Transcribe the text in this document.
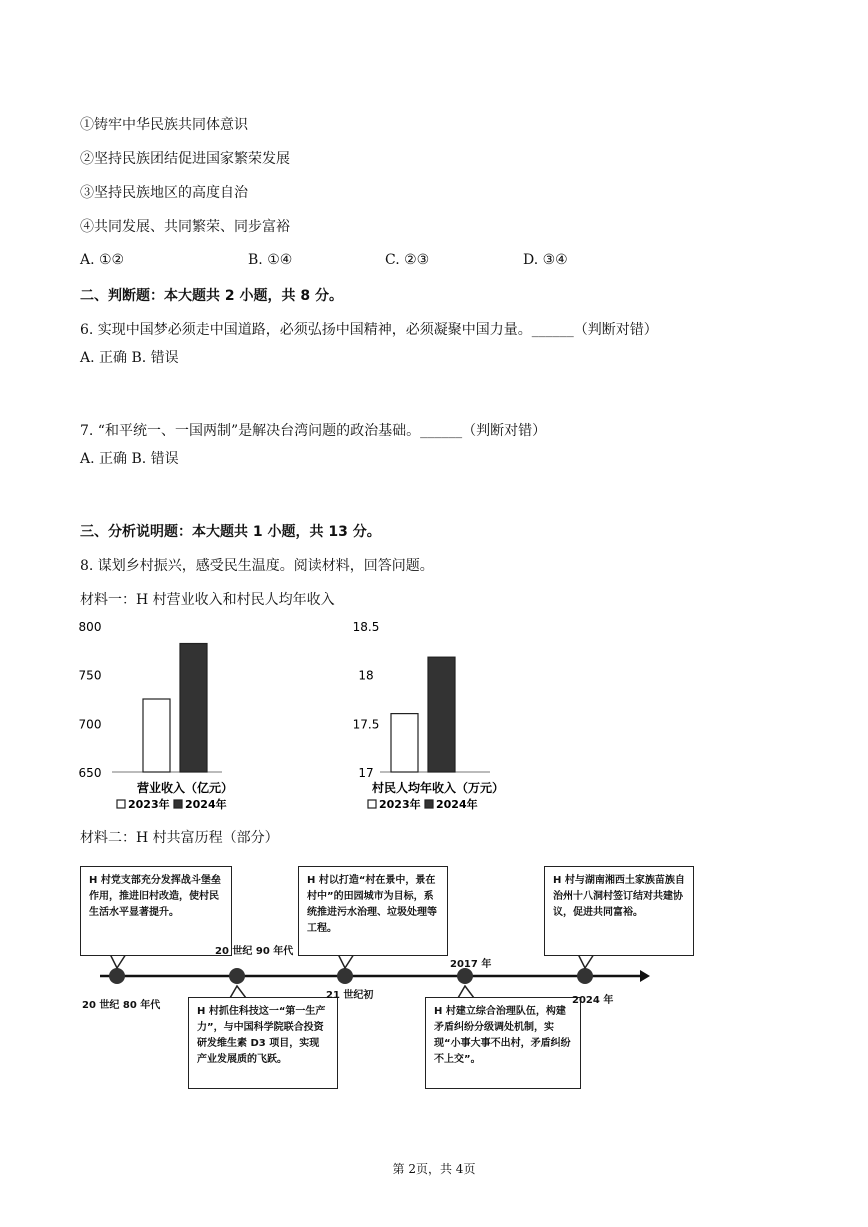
①铸牢中华民族共同体意识
②坚持民族团结促进国家繁荣发展
③坚持民族地区的高度自治
④共同发展、共同繁荣、同步富裕
A. ①②	B. ①④	C. ②③	D. ③④
二、判断题：本大题共 2 小题，共 8 分。
6. 实现中国梦必须走中国道路，必须弘扬中国精神，必须凝聚中国力量。______（判断对错）
A. 正确 B. 错误
7. “和平统一、一国两制”是解决台湾问题的政治基础。______（判断对错）
A. 正确 B. 错误
三、分析说明题：本大题共 1 小题，共 13 分。
8. 谋划乡村振兴，感受民生温度。阅读材料，回答问题。
材料一：H 村营业收入和村民人均年收入
800
750
700
650
营业收入（亿元）
2023年 2024年
18.5
18
17.5
17
村民人均年收入（万元）
2023年 2024年
材料二：H 村共富历程（部分）
H 村党支部充分发挥战斗堡垒作用，推进旧村改造，使村民生活水平显著提升。
H 村以打造“村在景中，景在村中”的田园城市为目标，系统推进污水治理、垃圾处理等工程。
H 村与湖南湘西土家族苗族自治州十八洞村签订结对共建协议，促进共同富裕。
H 村抓住科技这一“第一生产力”，与中国科学院联合投资研发维生素 D3 项目，实现产业发展质的飞跃。
H 村建立综合治理队伍，构建矛盾纠纷分级调处机制，实现“小事大事不出村，矛盾纠纷不上交”。
20 世纪 80 年代
20 世纪 90 年代
21 世纪初
2017 年
2024 年
第 2页，共 4页
